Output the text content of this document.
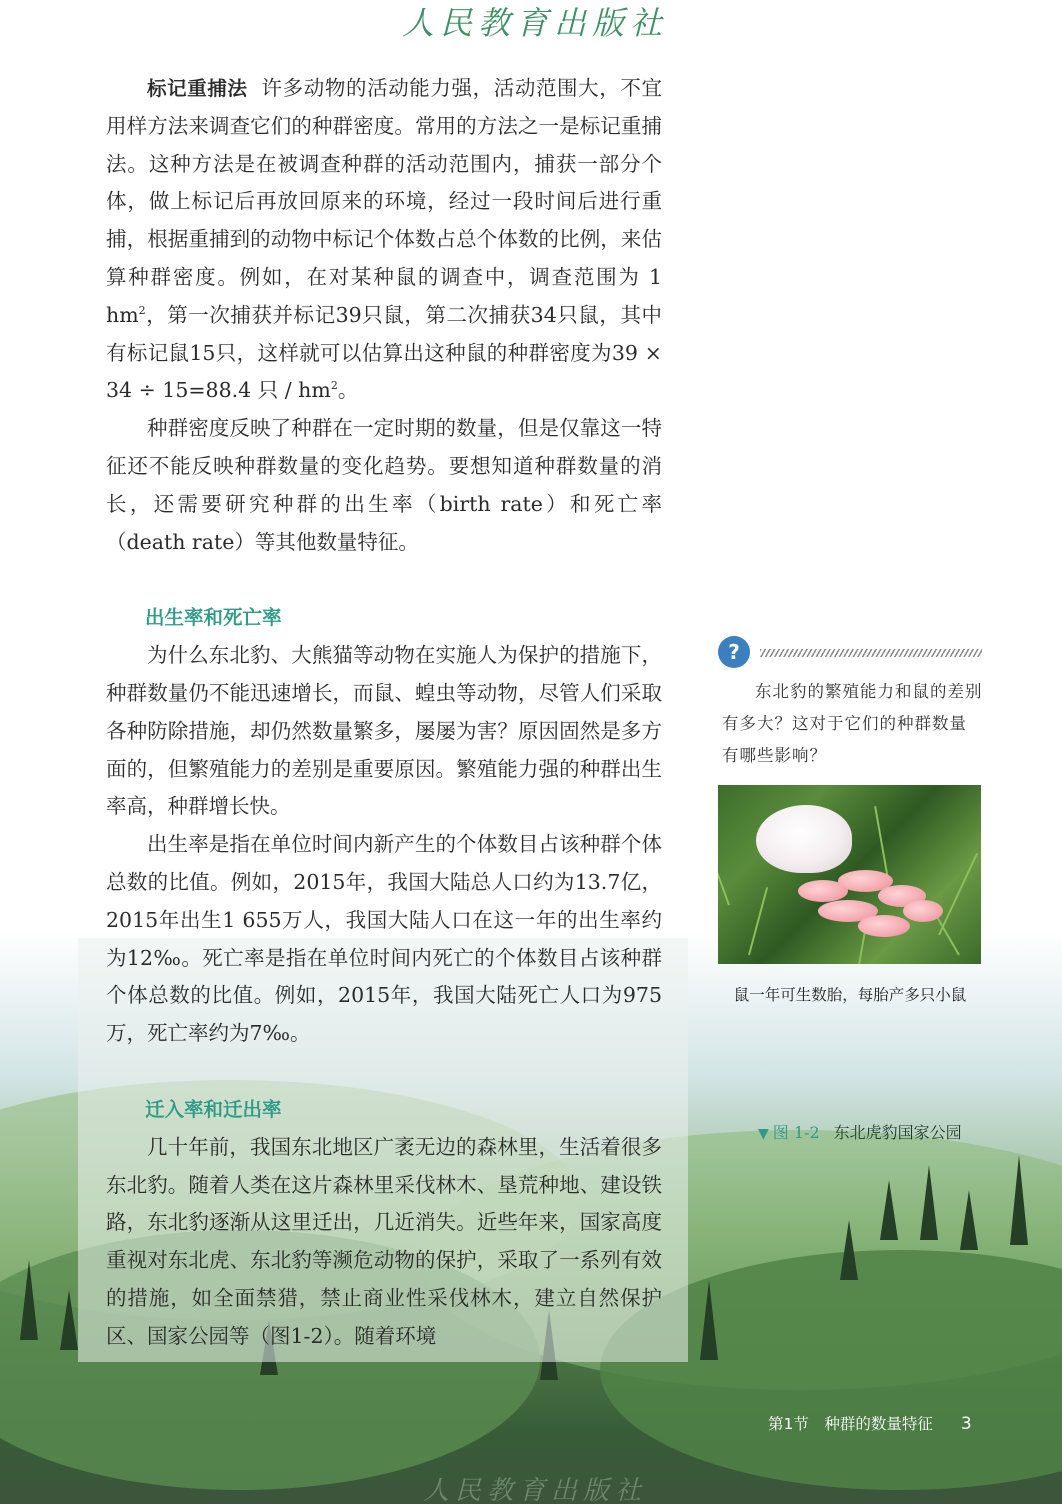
人民教育出版社

标记重捕法 许多动物的活动能力强，活动范围大，不宜用样方法来调查它们的种群密度。常用的方法之一是标记重捕法。这种方法是在被调查种群的活动范围内，捕获一部分个体，做上标记后再放回原来的环境，经过一段时间后进行重捕，根据重捕到的动物中标记个体数占总个体数的比例，来估算种群密度。例如，在对某种鼠的调查中，调查范围为 1 $hm^2$，第一次捕获并标记39只鼠，第二次捕获34只鼠，其中有标记鼠15只，这样就可以估算出这种鼠的种群密度为39 × 34 ÷ 15=88.4 只 / $hm^2$。

种群密度反映了种群在一定时期的数量，但是仅靠这一特征还不能反映种群数量的变化趋势。要想知道种群数量的消长，还需要研究种群的出生率（birth rate）和死亡率（death rate）等其他数量特征。

出生率和死亡率

为什么东北豹、大熊猫等动物在实施人为保护的措施下，种群数量仍不能迅速增长，而鼠、蝗虫等动物，尽管人们采取各种防除措施，却仍然数量繁多，屡屡为害？原因固然是多方面的，但繁殖能力的差别是重要原因。繁殖能力强的种群出生率高，种群增长快。

出生率是指在单位时间内新产生的个体数目占该种群个体总数的比值。例如，2015年，我国大陆总人口约为13.7亿，2015年出生1 655万人，我国大陆人口在这一年的出生率约为12‰。死亡率是指在单位时间内死亡的个体数目占该种群个体总数的比值。例如，2015年，我国大陆死亡人口为975万，死亡率约为7‰。

迁入率和迁出率

几十年前，我国东北地区广袤无边的森林里，生活着很多东北豹。随着人类在这片森林里采伐林木、垦荒种地、建设铁路，东北豹逐渐从这里迁出，几近消失。近些年来，国家高度重视对东北虎、东北豹等濒危动物的保护，采取了一系列有效的措施，如全面禁猎，禁止商业性采伐林木，建立自然保护区、国家公园等（图1-2）。随着环境

?
东北豹的繁殖能力和鼠的差别有多大？这对于它们的种群数量有哪些影响？
鼠一年可生数胎，每胎产多只小鼠
▼ 图 1-2 东北虎豹国家公园
第1节　种群的数量特征 3
人民教育出版社
